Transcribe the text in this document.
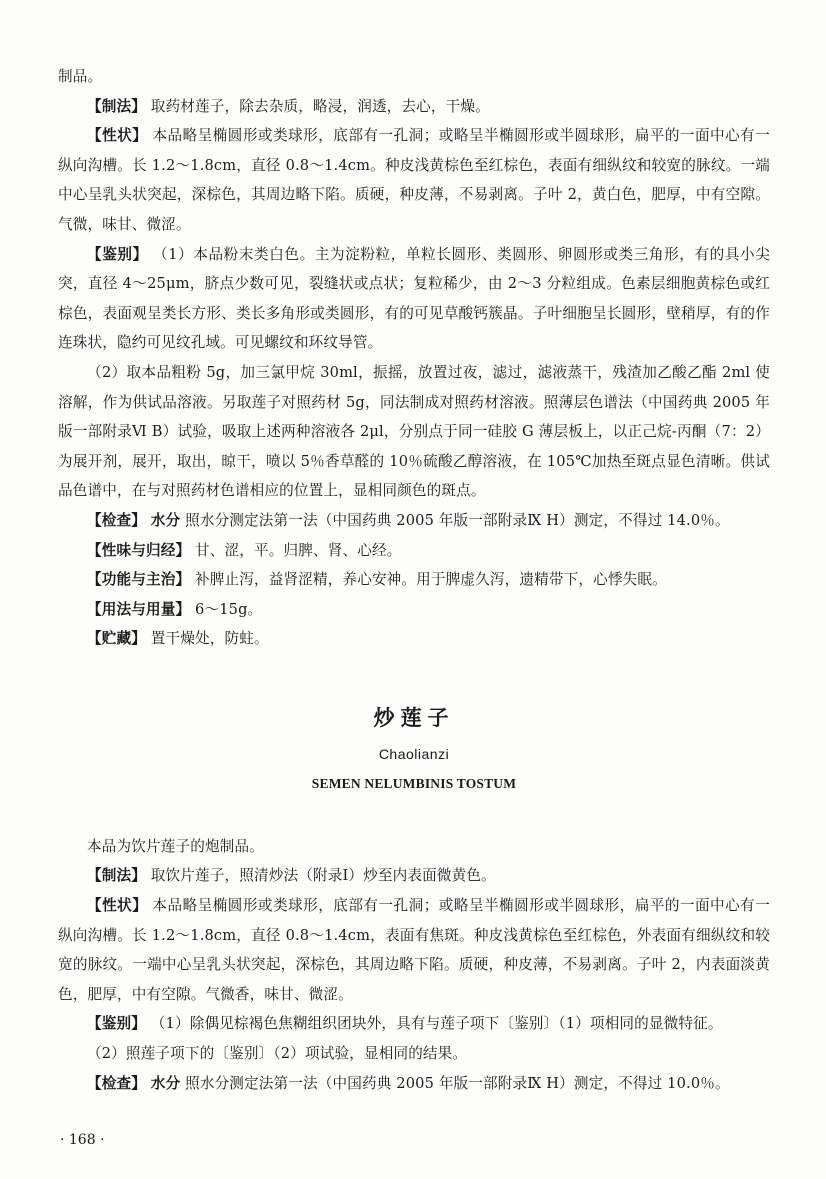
制品。

【制法】 取药材莲子，除去杂质，略浸，润透，去心，干燥。

【性状】 本品略呈椭圆形或类球形，底部有一孔洞；或略呈半椭圆形或半圆球形，扁平的一面中心有一纵向沟槽。长 1.2～1.8cm，直径 0.8～1.4cm。种皮浅黄棕色至红棕色，表面有细纵纹和较宽的脉纹。一端中心呈乳头状突起，深棕色，其周边略下陷。质硬，种皮薄，不易剥离。子叶 2，黄白色，肥厚，中有空隙。气微，味甘、微涩。

【鉴别】 （1）本品粉末类白色。主为淀粉粒，单粒长圆形、类圆形、卵圆形或类三角形，有的具小尖突，直径 4～25μm，脐点少数可见，裂缝状或点状；复粒稀少，由 2～3 分粒组成。色素层细胞黄棕色或红棕色，表面观呈类长方形、类长多角形或类圆形，有的可见草酸钙簇晶。子叶细胞呈长圆形，壁稍厚，有的作连珠状，隐约可见纹孔域。可见螺纹和环纹导管。

（2）取本品粗粉 5g，加三氯甲烷 30ml，振摇，放置过夜，滤过，滤液蒸干，残渣加乙酸乙酯 2ml 使溶解，作为供试品溶液。另取莲子对照药材 5g，同法制成对照药材溶液。照薄层色谱法（中国药典 2005 年版一部附录Ⅵ B）试验，吸取上述两种溶液各 2μl，分别点于同一硅胶 G 薄层板上，以正己烷-丙酮（7：2）为展开剂，展开，取出，晾干，喷以 5％香草醛的 10％硫酸乙醇溶液，在 105℃加热至斑点显色清晰。供试品色谱中，在与对照药材色谱相应的位置上，显相同颜色的斑点。

【检查】 水分 照水分测定法第一法（中国药典 2005 年版一部附录Ⅸ H）测定，不得过 14.0％。

【性味与归经】 甘、涩，平。归脾、肾、心经。

【功能与主治】 补脾止泻，益肾涩精，养心安神。用于脾虚久泻，遗精带下，心悸失眠。

【用法与用量】 6～15g。

【贮藏】 置干燥处，防蛀。

炒莲子
Chaolianzi
SEMEN NELUMBINIS TOSTUM

本品为饮片莲子的炮制品。

【制法】 取饮片莲子，照清炒法（附录Ⅰ）炒至内表面微黄色。

【性状】 本品略呈椭圆形或类球形，底部有一孔洞；或略呈半椭圆形或半圆球形，扁平的一面中心有一纵向沟槽。长 1.2～1.8cm，直径 0.8～1.4cm，表面有焦斑。种皮浅黄棕色至红棕色，外表面有细纵纹和较宽的脉纹。一端中心呈乳头状突起，深棕色，其周边略下陷。质硬，种皮薄，不易剥离。子叶 2，内表面淡黄色，肥厚，中有空隙。气微香，味甘、微涩。

【鉴别】 （1）除偶见棕褐色焦糊组织团块外，具有与莲子项下〔鉴别〕（1）项相同的显微特征。

（2）照莲子项下的〔鉴别〕（2）项试验，显相同的结果。

【检查】 水分 照水分测定法第一法（中国药典 2005 年版一部附录Ⅸ H）测定，不得过 10.0％。

· 168 ·
